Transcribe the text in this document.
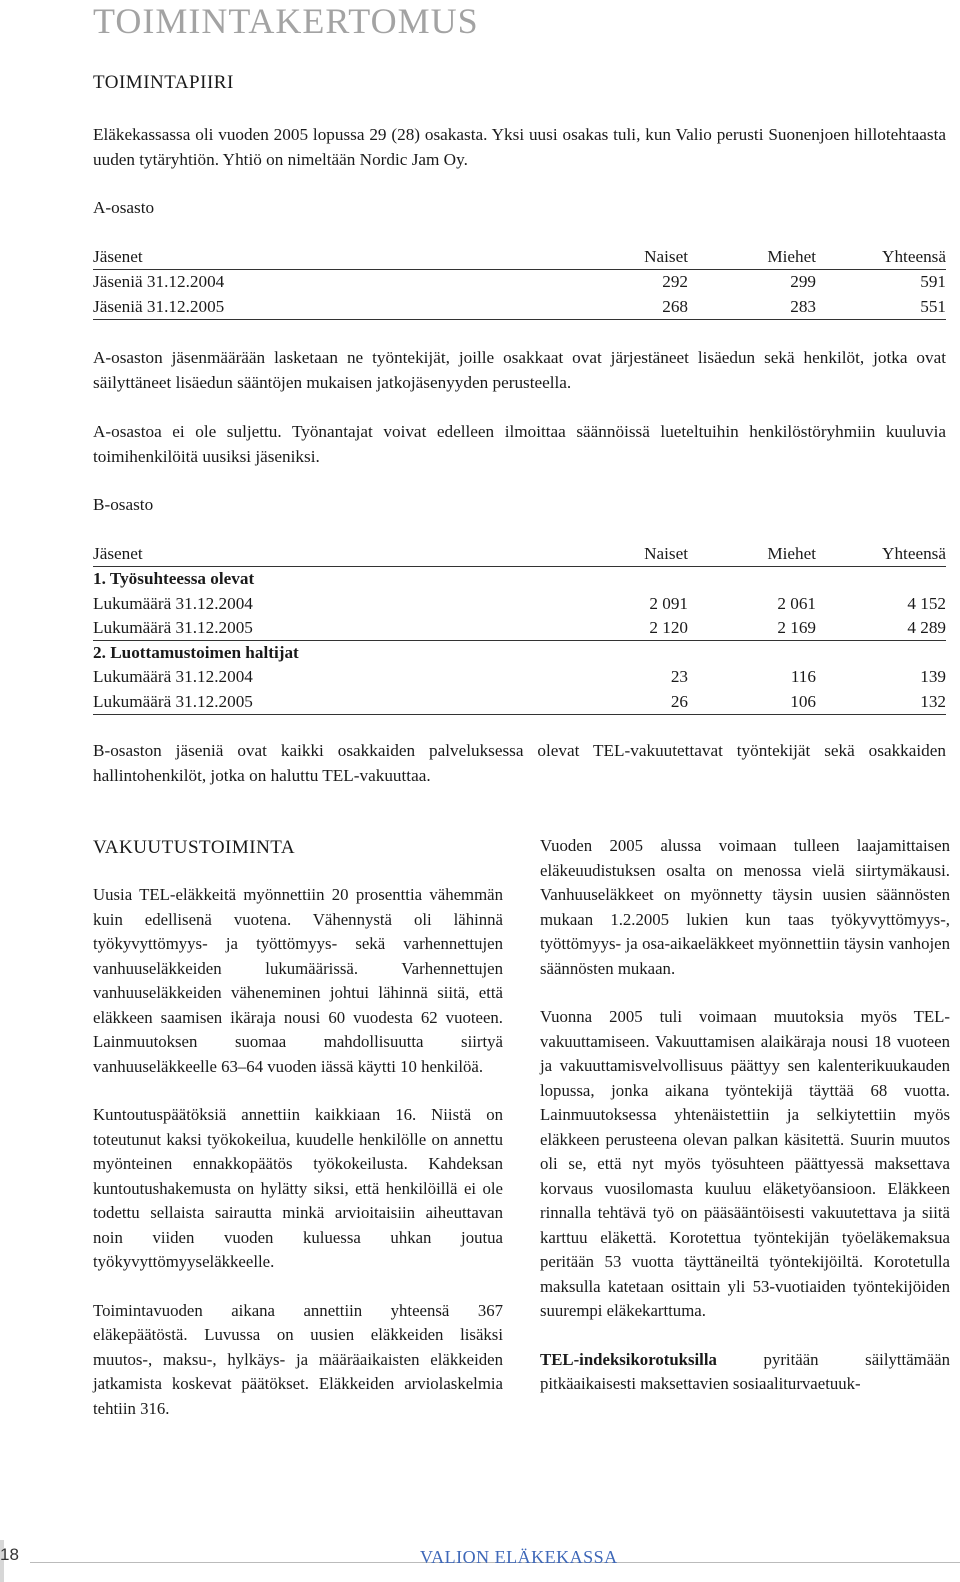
TOIMINTAKERTOMUS
TOIMINTAPIIRI
Eläkekassassa oli vuoden 2005 lopussa 29 (28) osakasta. Yksi uusi osakas tuli, kun Valio perusti Suonenjoen hillotehtaasta uuden tytäryhtiön. Yhtiö on nimeltään Nordic Jam Oy.
A-osasto
Jäsenet	Naiset	Miehet	Yhteensä
Jäseniä 31.12.2004	292	299	591
Jäseniä 31.12.2005	268	283	551
A-osaston jäsenmäärään lasketaan ne työntekijät, joille osakkaat ovat järjestäneet lisäedun sekä henkilöt, jotka ovat säilyttäneet lisäedun sääntöjen mukaisen jatkojäsenyyden perusteella.
A-osastoa ei ole suljettu. Työnantajat voivat edelleen ilmoittaa säännöissä lueteltuihin henkilöstöryhmiin kuuluvia toimihenkilöitä uusiksi jäseniksi.
B-osasto
Jäsenet	Naiset	Miehet	Yhteensä
1. Työsuhteessa olevat
Lukumäärä 31.12.2004	2 091	2 061	4 152
Lukumäärä 31.12.2005	2 120	2 169	4 289
2. Luottamustoimen haltijat
Lukumäärä 31.12.2004	23	116	139
Lukumäärä 31.12.2005	26	106	132
B-osaston jäseniä ovat kaikki osakkaiden palveluksessa olevat TEL-vakuutettavat työntekijät sekä osakkaiden hallintohenkilöt, jotka on haluttu TEL-vakuuttaa.
VAKUUTUSTOIMINTA

Uusia TEL-eläkkeitä myönnettiin 20 prosenttia vähemmän kuin edellisenä vuotena. Vähennystä oli lähinnä työkyvyttömyys- ja työttömyys- sekä varhennettujen vanhuuseläkkeiden lukumäärissä. Varhennettujen vanhuuseläkkeiden väheneminen johtui lähinnä siitä, että eläkkeen saamisen ikäraja nousi 60 vuodesta 62 vuoteen. Lainmuutoksen suomaa mahdollisuutta siirtyä vanhuuseläkkeelle 63–64 vuoden iässä käytti 10 henkilöä.

Kuntoutuspäätöksiä annettiin kaikkiaan 16. Niistä on toteutunut kaksi työkokeilua, kuudelle henkilölle on annettu myönteinen ennakkopäätös työkokeilusta. Kahdeksan kuntoutushakemusta on hylätty siksi, että henkilöillä ei ole todettu sellaista sairautta minkä arvioitaisiin aiheuttavan noin viiden vuoden kuluessa uhkan joutua työkyvyttömyyseläkkeelle.

Toimintavuoden aikana annettiin yhteensä 367 eläkepäätöstä. Luvussa on uusien eläkkeiden lisäksi muutos-, maksu-, hylkäys- ja määräaikaisten eläkkeiden jatkamista koskevat päätökset. Eläkkeiden arviolaskelmia tehtiin 316.

Vuoden 2005 alussa voimaan tulleen laajamittaisen eläkeuudistuksen osalta on menossa vielä siirtymäkausi. Vanhuuseläkkeet on myönnetty täysin uusien säännösten mukaan 1.2.2005 lukien kun taas työkyvyttömyys-, työttömyys- ja osa-aikaeläkkeet myönnettiin täysin vanhojen säännösten mukaan.

Vuonna 2005 tuli voimaan muutoksia myös TEL-vakuuttamiseen. Vakuuttamisen alaikäraja nousi 18 vuoteen ja vakuuttamisvelvollisuus päättyy sen kalenterikuukauden lopussa, jonka aikana työntekijä täyttää 68 vuotta. Lainmuutoksessa yhtenäistettiin ja selkiytettiin myös eläkkeen perusteena olevan palkan käsitettä. Suurin muutos oli se, että nyt myös työsuhteen päättyessä maksettava korvaus vuosilomasta kuuluu eläketyöansioon. Eläkkeen rinnalla tehtävä työ on pääsääntöisesti vakuutettava ja siitä karttuu eläkettä. Korotettua työntekijän työeläkemaksua peritään 53 vuotta täyttäneiltä työntekijöiltä. Korotetulla maksulla katetaan osittain yli 53-vuotiaiden työntekijöiden suurempi eläkekarttuma.

TEL-indeksikorotuksilla pyritään säilyttämään pitkäaikaisesti maksettavien sosiaaliturvaetuuk-

18	VALION ELÄKEKASSA
